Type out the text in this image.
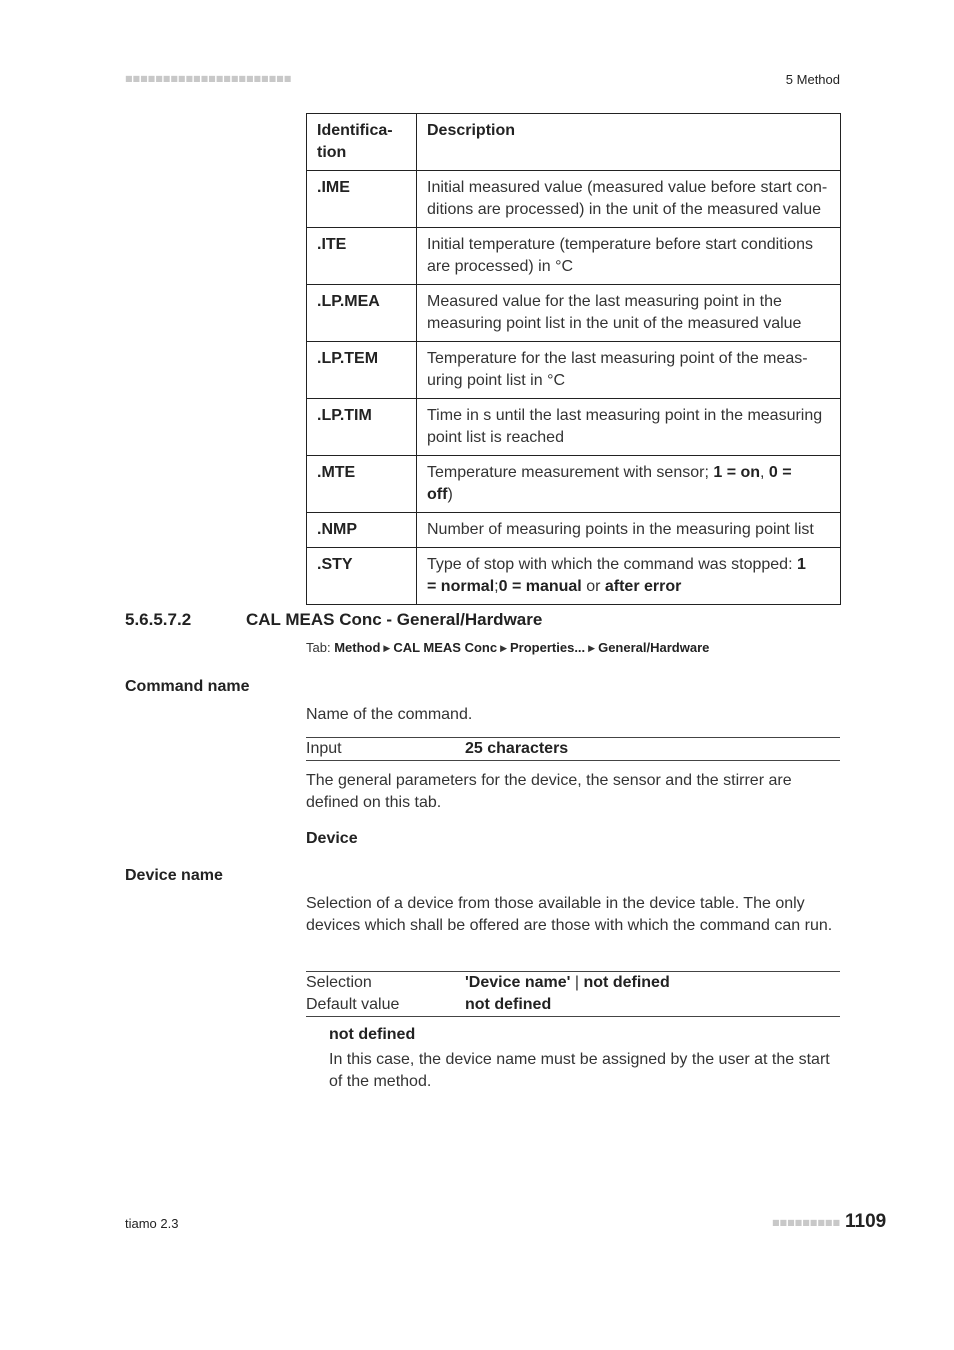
■■■■■■■■■■■■■■■■■■■■■■	5 Method
Identifica-
tion	Description
.IME	Initial measured value (measured value before start con-
ditions are processed) in the unit of the measured value
.ITE	Initial temperature (temperature before start conditions
are processed) in °C
.LP.MEA	Measured value for the last measuring point in the
measuring point list in the unit of the measured value
.LP.TEM	Temperature for the last measuring point of the meas-
uring point list in °C
.LP.TIM	Time in s until the last measuring point in the measuring
point list is reached
.MTE	Temperature measurement with sensor; 1 = on, 0 =
off)
.NMP	Number of measuring points in the measuring point list
.STY	Type of stop with which the command was stopped: 1
= normal;0 = manual or after error
5.6.5.7.2	CAL MEAS Conc - General/Hardware
Tab: Method ▶ CAL MEAS Conc ▶ Properties... ▶ General/Hardware
Command name
Name of the command.
Input	25 characters
The general parameters for the device, the sensor and the stirrer are defined on this tab.
Device
Device name
Selection of a device from those available in the device table. The only devices which shall be offered are those with which the command can run.
Selection	'Device name' | not defined
Default value	not defined
not defined
In this case, the device name must be assigned by the user at the start of the method.
tiamo 2.3	■■■■■■■■■ 1109
